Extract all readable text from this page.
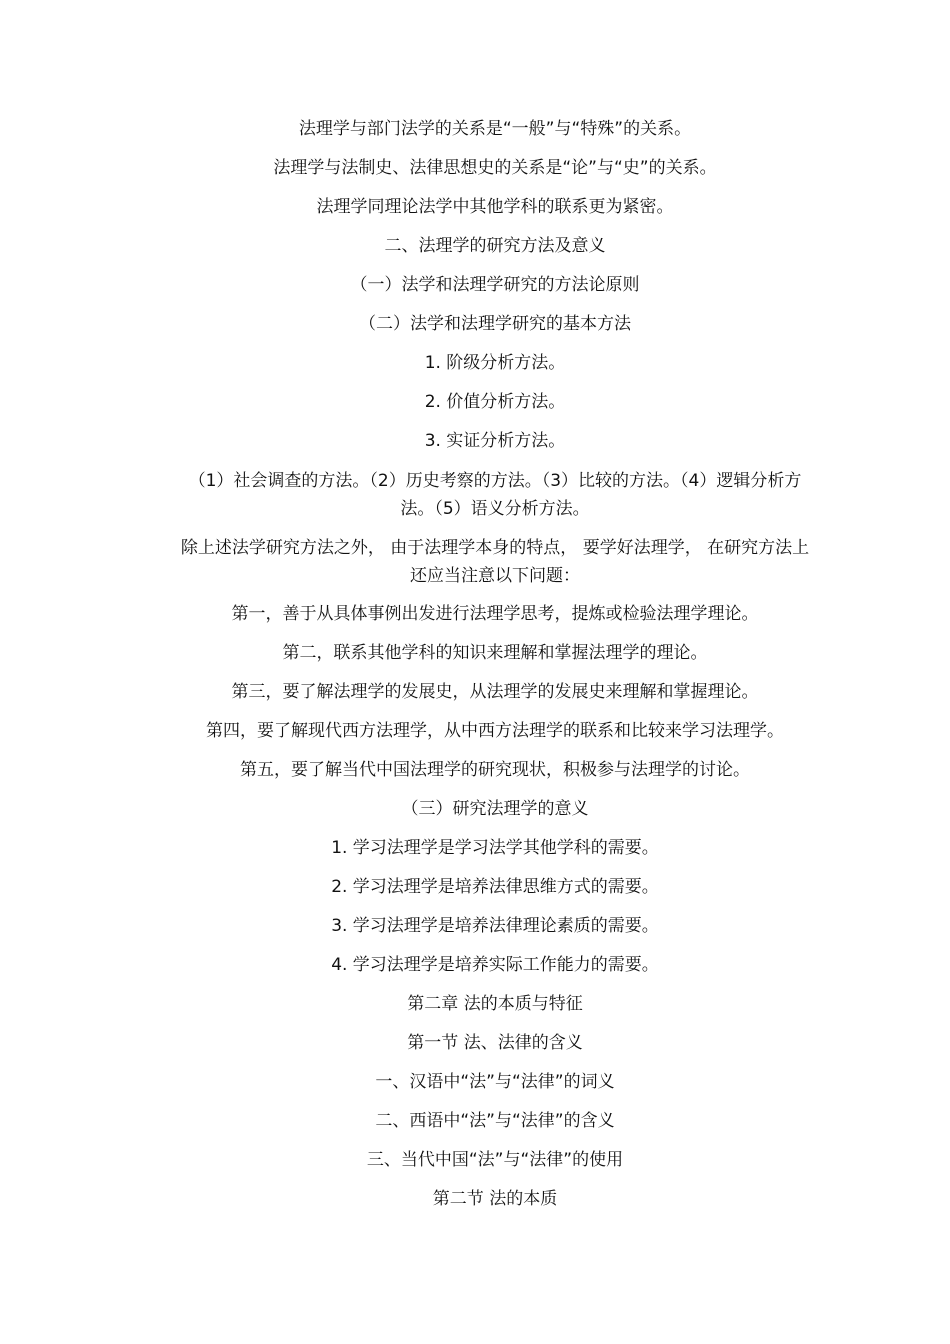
法理学与部门法学的关系是“一般”与“特殊”的关系。

法理学与法制史、法律思想史的关系是“论”与“史”的关系。

法理学同理论法学中其他学科的联系更为紧密。

二、法理学的研究方法及意义

（一）法学和法理学研究的方法论原则

（二）法学和法理学研究的基本方法

1. 阶级分析方法。

2. 价值分析方法。

3. 实证分析方法。

（1）社会调查的方法。（2）历史考察的方法。（3）比较的方法。（4）逻辑分析方法。（5）语义分析方法。

除上述法学研究方法之外， 由于法理学本身的特点， 要学好法理学， 在研究方法上还应当注意以下问题：

第一，善于从具体事例出发进行法理学思考，提炼或检验法理学理论。

第二，联系其他学科的知识来理解和掌握法理学的理论。

第三，要了解法理学的发展史，从法理学的发展史来理解和掌握理论。

第四，要了解现代西方法理学，从中西方法理学的联系和比较来学习法理学。

第五，要了解当代中国法理学的研究现状，积极参与法理学的讨论。

（三）研究法理学的意义

1. 学习法理学是学习法学其他学科的需要。

2. 学习法理学是培养法律思维方式的需要。

3. 学习法理学是培养法律理论素质的需要。

4. 学习法理学是培养实际工作能力的需要。

第二章 法的本质与特征

第一节 法、法律的含义

一、汉语中“法”与“法律”的词义

二、西语中“法”与“法律”的含义

三、当代中国“法”与“法律”的使用

第二节 法的本质
